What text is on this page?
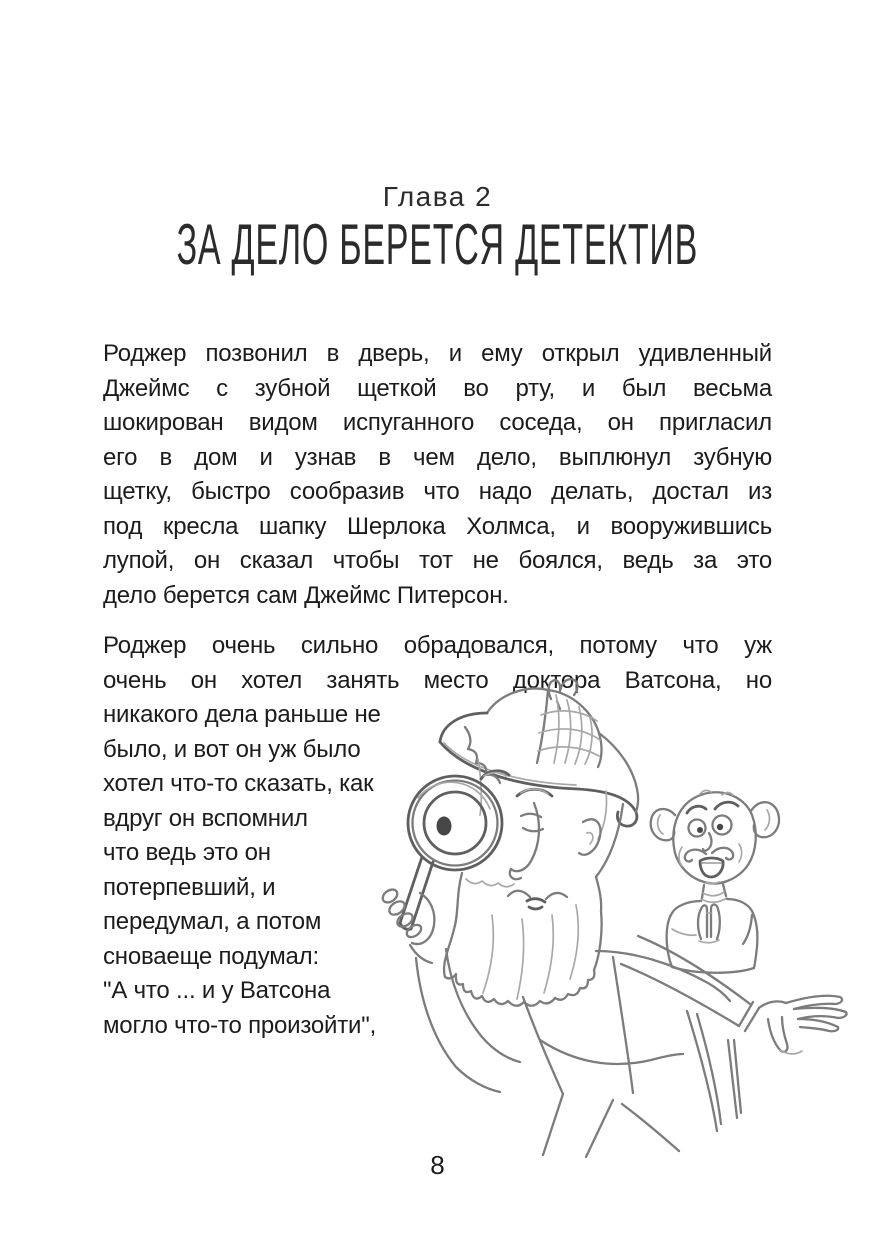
Глава 2
ЗА ДЕЛО БЕРЕТСЯ ДЕТЕКТИВ
Роджер позвонил в дверь, и ему открыл удивленный
Джеймс с зубной щеткой во рту, и был весьма
шокирован видом испуганного соседа, он пригласил
его в дом и узнав в чем дело, выплюнул зубную
щетку, быстро сообразив что надо делать, достал из
под кресла шапку Шерлока Холмса, и вооружившись
лупой, он сказал чтобы тот не боялся, ведь за это
дело берется сам Джеймс Питерсон.
Роджер очень сильно обрадовался, потому что уж
очень он хотел занять место доктора Ватсона, но
никакого дела раньше не
было, и вот он уж было
хотел что-то сказать, как
вдруг он вспомнил
что ведь это он
потерпевший, и
передумал, а потом
сноваеще подумал:
"А что ... и у Ватсона
могло что-то произойти",
8
